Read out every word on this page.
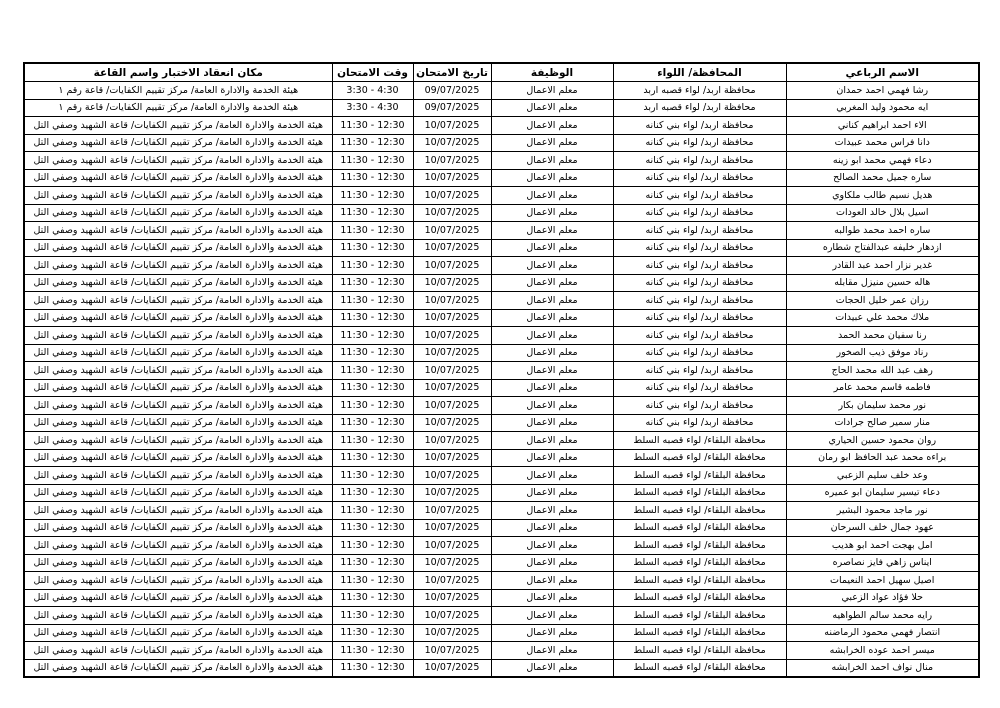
الاسم الرباعي	المحافظة/ اللواء	الوظيفة	تاريخ الامتحان	وقت الامتحان	مكان انعقاد الاختبار واسم القاعة
رشا فهمي احمد حمدان	محافظة اربد/ لواء قصبه اربد	معلم الاعمال	09/07/2025	3:30 - 4:30	هيئة الخدمة والادارة العامة/ مركز تقييم الكفايات/ قاعة رقم ١
ايه محمود وليد المغربي	محافظة اربد/ لواء قصبه اربد	معلم الاعمال	09/07/2025	3:30 - 4:30	هيئة الخدمة والادارة العامة/ مركز تقييم الكفايات/ قاعة رقم ١
الاء احمد ابراهيم كناني	محافظة اربد/ لواء بني كنانه	معلم الاعمال	10/07/2025	11:30 - 12:30	هيئة الخدمة والادارة العامة/ مركز تقييم الكفايات/ قاعة الشهيد وصفي التل
دانا فراس محمد عبيدات	محافظة اربد/ لواء بني كنانه	معلم الاعمال	10/07/2025	11:30 - 12:30	هيئة الخدمة والادارة العامة/ مركز تقييم الكفايات/ قاعة الشهيد وصفي التل
دعاء فهمي محمد ابو زينه	محافظة اربد/ لواء بني كنانه	معلم الاعمال	10/07/2025	11:30 - 12:30	هيئة الخدمة والادارة العامة/ مركز تقييم الكفايات/ قاعة الشهيد وصفي التل
ساره جميل محمد الصالح	محافظة اربد/ لواء بني كنانه	معلم الاعمال	10/07/2025	11:30 - 12:30	هيئة الخدمة والادارة العامة/ مركز تقييم الكفايات/ قاعة الشهيد وصفي التل
هديل نسيم طالب ملكاوي	محافظة اربد/ لواء بني كنانه	معلم الاعمال	10/07/2025	11:30 - 12:30	هيئة الخدمة والادارة العامة/ مركز تقييم الكفايات/ قاعة الشهيد وصفي التل
اسيل بلال خالد العودات	محافظة اربد/ لواء بني كنانه	معلم الاعمال	10/07/2025	11:30 - 12:30	هيئة الخدمة والادارة العامة/ مركز تقييم الكفايات/ قاعة الشهيد وصفي التل
ساره احمد محمد طوالبه	محافظة اربد/ لواء بني كنانه	معلم الاعمال	10/07/2025	11:30 - 12:30	هيئة الخدمة والادارة العامة/ مركز تقييم الكفايات/ قاعة الشهيد وصفي التل
ازدهار خليفه عبدالفتاح شطاره	محافظة اربد/ لواء بني كنانه	معلم الاعمال	10/07/2025	11:30 - 12:30	هيئة الخدمة والادارة العامة/ مركز تقييم الكفايات/ قاعة الشهيد وصفي التل
غدير نزار احمد عبد القادر	محافظة اربد/ لواء بني كنانه	معلم الاعمال	10/07/2025	11:30 - 12:30	هيئة الخدمة والادارة العامة/ مركز تقييم الكفايات/ قاعة الشهيد وصفي التل
هاله حسين منيزل مقابله	محافظة اربد/ لواء بني كنانه	معلم الاعمال	10/07/2025	11:30 - 12:30	هيئة الخدمة والادارة العامة/ مركز تقييم الكفايات/ قاعة الشهيد وصفي التل
رزان عمر خليل الحجات	محافظة اربد/ لواء بني كنانه	معلم الاعمال	10/07/2025	11:30 - 12:30	هيئة الخدمة والادارة العامة/ مركز تقييم الكفايات/ قاعة الشهيد وصفي التل
ملاك محمد علي عبيدات	محافظة اربد/ لواء بني كنانه	معلم الاعمال	10/07/2025	11:30 - 12:30	هيئة الخدمة والادارة العامة/ مركز تقييم الكفايات/ قاعة الشهيد وصفي التل
رنا سفيان محمد الحمد	محافظة اربد/ لواء بني كنانه	معلم الاعمال	10/07/2025	11:30 - 12:30	هيئة الخدمة والادارة العامة/ مركز تقييم الكفايات/ قاعة الشهيد وصفي التل
رناد موفق ذيب الصخور	محافظة اربد/ لواء بني كنانه	معلم الاعمال	10/07/2025	11:30 - 12:30	هيئة الخدمة والادارة العامة/ مركز تقييم الكفايات/ قاعة الشهيد وصفي التل
رهف عبد الله محمد الحاج	محافظة اربد/ لواء بني كنانه	معلم الاعمال	10/07/2025	11:30 - 12:30	هيئة الخدمة والادارة العامة/ مركز تقييم الكفايات/ قاعة الشهيد وصفي التل
فاطمه قاسم محمد عامر	محافظة اربد/ لواء بني كنانه	معلم الاعمال	10/07/2025	11:30 - 12:30	هيئة الخدمة والادارة العامة/ مركز تقييم الكفايات/ قاعة الشهيد وصفي التل
نور محمد سليمان بكار	محافظة اربد/ لواء بني كنانه	معلم الاعمال	10/07/2025	11:30 - 12:30	هيئة الخدمة والادارة العامة/ مركز تقييم الكفايات/ قاعة الشهيد وصفي التل
منار سمير صالح جرادات	محافظة اربد/ لواء بني كنانه	معلم الاعمال	10/07/2025	11:30 - 12:30	هيئة الخدمة والادارة العامة/ مركز تقييم الكفايات/ قاعة الشهيد وصفي التل
روان محمود حسين الحياري	محافظة البلقاء/ لواء قصبه السلط	معلم الاعمال	10/07/2025	11:30 - 12:30	هيئة الخدمة والادارة العامة/ مركز تقييم الكفايات/ قاعة الشهيد وصفي التل
براءه محمد عبد الحافظ ابو رمان	محافظة البلقاء/ لواء قصبه السلط	معلم الاعمال	10/07/2025	11:30 - 12:30	هيئة الخدمة والادارة العامة/ مركز تقييم الكفايات/ قاعة الشهيد وصفي التل
وعد خلف سليم الزعبي	محافظة البلقاء/ لواء قصبه السلط	معلم الاعمال	10/07/2025	11:30 - 12:30	هيئة الخدمة والادارة العامة/ مركز تقييم الكفايات/ قاعة الشهيد وصفي التل
دعاء تيسير سليمان ابو عميره	محافظة البلقاء/ لواء قصبه السلط	معلم الاعمال	10/07/2025	11:30 - 12:30	هيئة الخدمة والادارة العامة/ مركز تقييم الكفايات/ قاعة الشهيد وصفي التل
نور ماجد محمود البشير	محافظة البلقاء/ لواء قصبه السلط	معلم الاعمال	10/07/2025	11:30 - 12:30	هيئة الخدمة والادارة العامة/ مركز تقييم الكفايات/ قاعة الشهيد وصفي التل
عهود جمال خلف السرحان	محافظة البلقاء/ لواء قصبه السلط	معلم الاعمال	10/07/2025	11:30 - 12:30	هيئة الخدمة والادارة العامة/ مركز تقييم الكفايات/ قاعة الشهيد وصفي التل
امل بهجت احمد ابو هديب	محافظة البلقاء/ لواء قصبه السلط	معلم الاعمال	10/07/2025	11:30 - 12:30	هيئة الخدمة والادارة العامة/ مركز تقييم الكفايات/ قاعة الشهيد وصفي التل
ايناس زاهي فايز نصاصره	محافظة البلقاء/ لواء قصبه السلط	معلم الاعمال	10/07/2025	11:30 - 12:30	هيئة الخدمة والادارة العامة/ مركز تقييم الكفايات/ قاعة الشهيد وصفي التل
اصيل سهيل احمد النعيمات	محافظة البلقاء/ لواء قصبه السلط	معلم الاعمال	10/07/2025	11:30 - 12:30	هيئة الخدمة والادارة العامة/ مركز تقييم الكفايات/ قاعة الشهيد وصفي التل
حلا فؤاد عواد الزعبي	محافظة البلقاء/ لواء قصبه السلط	معلم الاعمال	10/07/2025	11:30 - 12:30	هيئة الخدمة والادارة العامة/ مركز تقييم الكفايات/ قاعة الشهيد وصفي التل
رايه محمد سالم الطواهيه	محافظة البلقاء/ لواء قصبه السلط	معلم الاعمال	10/07/2025	11:30 - 12:30	هيئة الخدمة والادارة العامة/ مركز تقييم الكفايات/ قاعة الشهيد وصفي التل
انتصار فهمي محمود الرماضنه	محافظة البلقاء/ لواء قصبه السلط	معلم الاعمال	10/07/2025	11:30 - 12:30	هيئة الخدمة والادارة العامة/ مركز تقييم الكفايات/ قاعة الشهيد وصفي التل
ميسر احمد عوده الخرابشه	محافظة البلقاء/ لواء قصبه السلط	معلم الاعمال	10/07/2025	11:30 - 12:30	هيئة الخدمة والادارة العامة/ مركز تقييم الكفايات/ قاعة الشهيد وصفي التل
منال نواف احمد الخرابشه	محافظة البلقاء/ لواء قصبه السلط	معلم الاعمال	10/07/2025	11:30 - 12:30	هيئة الخدمة والادارة العامة/ مركز تقييم الكفايات/ قاعة الشهيد وصفي التل
